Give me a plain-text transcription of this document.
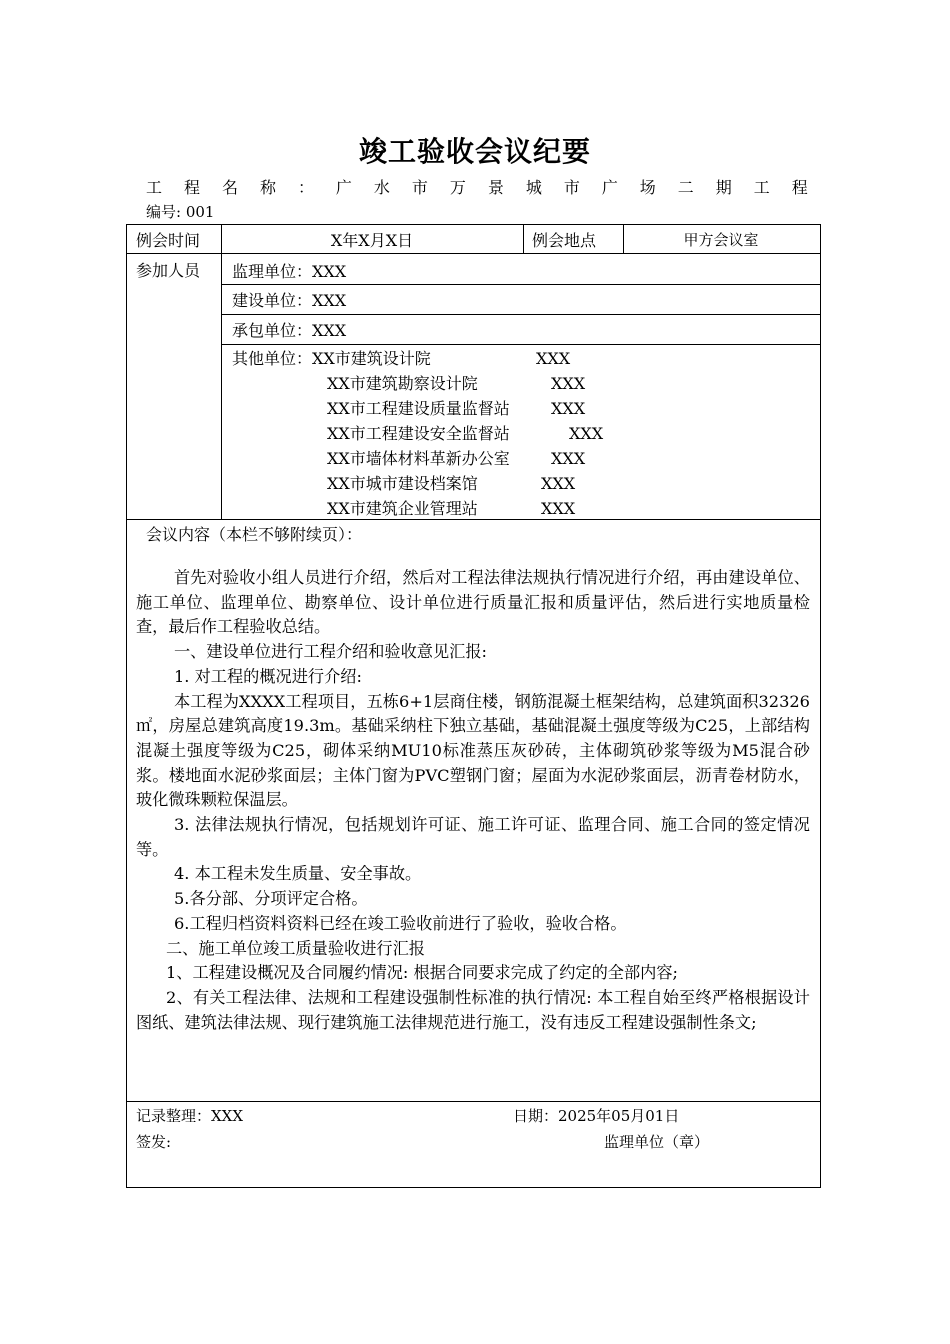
竣工验收会议纪要
工 程 名 称 ： 广 水 市 万 景 城 市 广 场 二 期 工 程
编号: 001
例会时间	X年X月X日	例会地点	甲方会议室
参加人员 监理单位：XXX
建设单位：XXX
承包单位：XXX
其他单位：XX市建筑设计院	XXX
XX市建筑勘察设计院	XXX
XX市工程建设质量监督站	XXX
XX市工程建设安全监督站	XXX
XX市墙体材料革新办公室	XXX
XX市城市建设档案馆	XXX
XX市建筑企业管理站	XXX
会议内容（本栏不够附续页）：

首先对验收小组人员进行介绍，然后对工程法律法规执行情况进行介绍，再由建设单位、施工单位、监理单位、勘察单位、设计单位进行质量汇报和质量评估，然后进行实地质量检查，最后作工程验收总结。

一、建设单位进行工程介绍和验收意见汇报:

1. 对工程的概况进行介绍:

本工程为XXXX工程项目，五栋6+1层商住楼，钢筋混凝土框架结构，总建筑面积32326㎡，房屋总建筑高度19.3m。基础采纳柱下独立基础，基础混凝土强度等级为C25，上部结构混凝土强度等级为C25，砌体采纳MU10标准蒸压灰砂砖，主体砌筑砂浆等级为M5混合砂浆。楼地面水泥砂浆面层；主体门窗为PVC塑钢门窗；屋面为水泥砂浆面层，沥青卷材防水，玻化微珠颗粒保温层。

3. 法律法规执行情况，包括规划许可证、施工许可证、监理合同、施工合同的签定情况等。

4. 本工程未发生质量、安全事故。

5.各分部、分项评定合格。

6.工程归档资料资料已经在竣工验收前进行了验收，验收合格。

二、施工单位竣工质量验收进行汇报

1、工程建设概况及合同履约情况: 根据合同要求完成了约定的全部内容;

2、有关工程法律、法规和工程建设强制性标准的执行情况: 本工程自始至终严格根据设计图纸、建筑法律法规、现行建筑施工法律规范进行施工，没有违反工程建设强制性条文;

记录整理：XXX	日期：2025年05月01日
签发:	监理单位（章）
